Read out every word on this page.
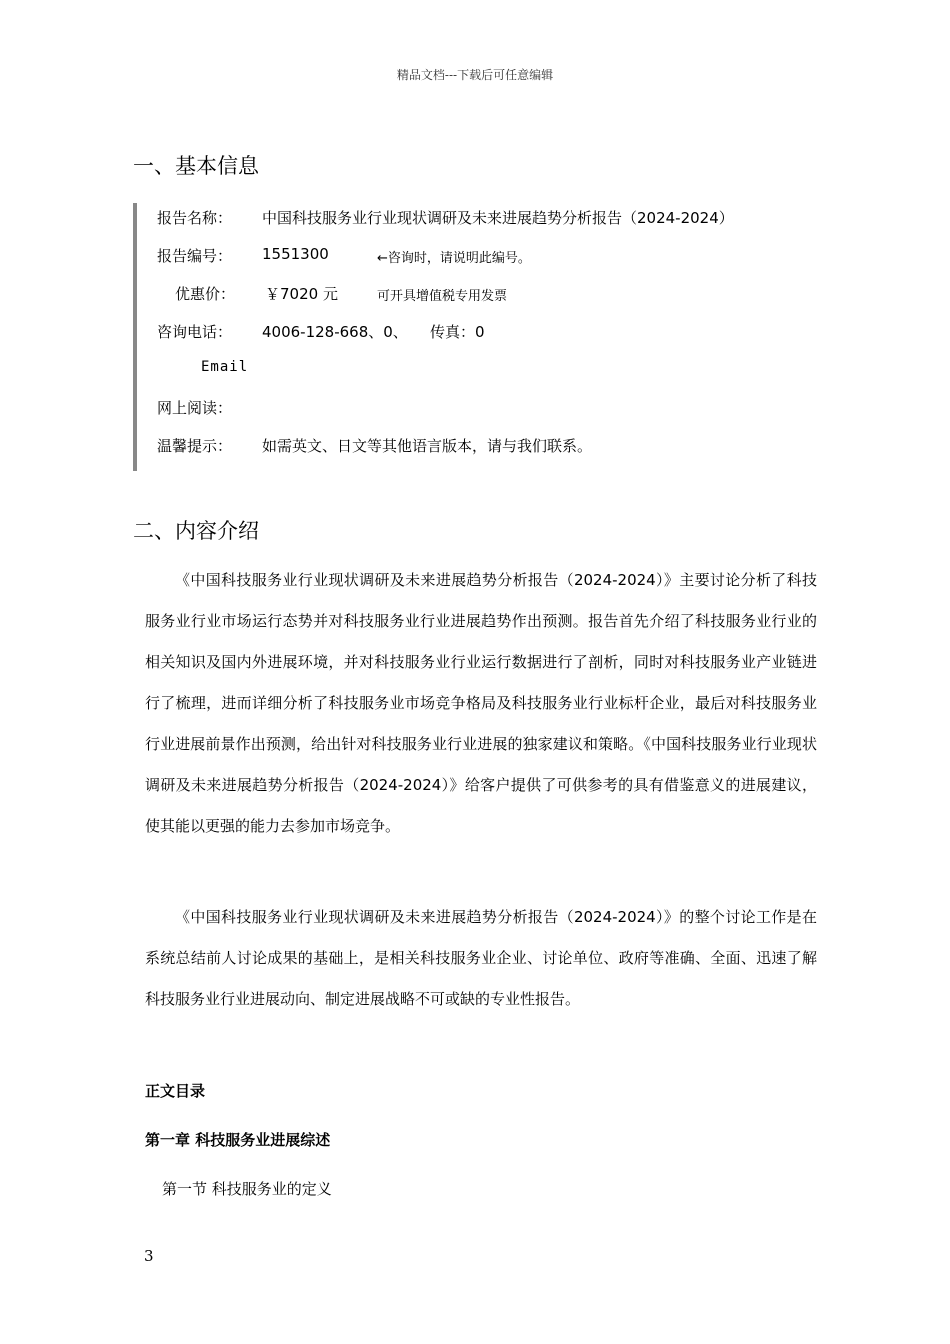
精品文档---下载后可任意编辑
一、基本信息
报告名称： 中国科技服务业行业现状调研及未来进展趋势分析报告（2024-2024）
报告编号： 1551300	←咨询时，请说明此编号。
优惠价： ￥7020 元	可开具增值税专用发票
咨询电话： 4006-128-668、0、 传真：0
Email
网上阅读：
温馨提示： 如需英文、日文等其他语言版本，请与我们联系。
二、内容介绍

《中国科技服务业行业现状调研及未来进展趋势分析报告（2024-2024）》主要讨论分析了科技服务业行业市场运行态势并对科技服务业行业进展趋势作出预测。报告首先介绍了科技服务业行业的相关知识及国内外进展环境，并对科技服务业行业运行数据进行了剖析，同时对科技服务业产业链进行了梳理，进而详细分析了科技服务业市场竞争格局及科技服务业行业标杆企业，最后对科技服务业行业进展前景作出预测，给出针对科技服务业行业进展的独家建议和策略。《中国科技服务业行业现状调研及未来进展趋势分析报告（2024-2024）》给客户提供了可供参考的具有借鉴意义的进展建议，使其能以更强的能力去参加市场竞争。

《中国科技服务业行业现状调研及未来进展趋势分析报告（2024-2024）》的整个讨论工作是在系统总结前人讨论成果的基础上，是相关科技服务业企业、讨论单位、政府等准确、全面、迅速了解科技服务业行业进展动向、制定进展战略不可或缺的专业性报告。

正文目录
第一章 科技服务业进展综述
第一节 科技服务业的定义
3
